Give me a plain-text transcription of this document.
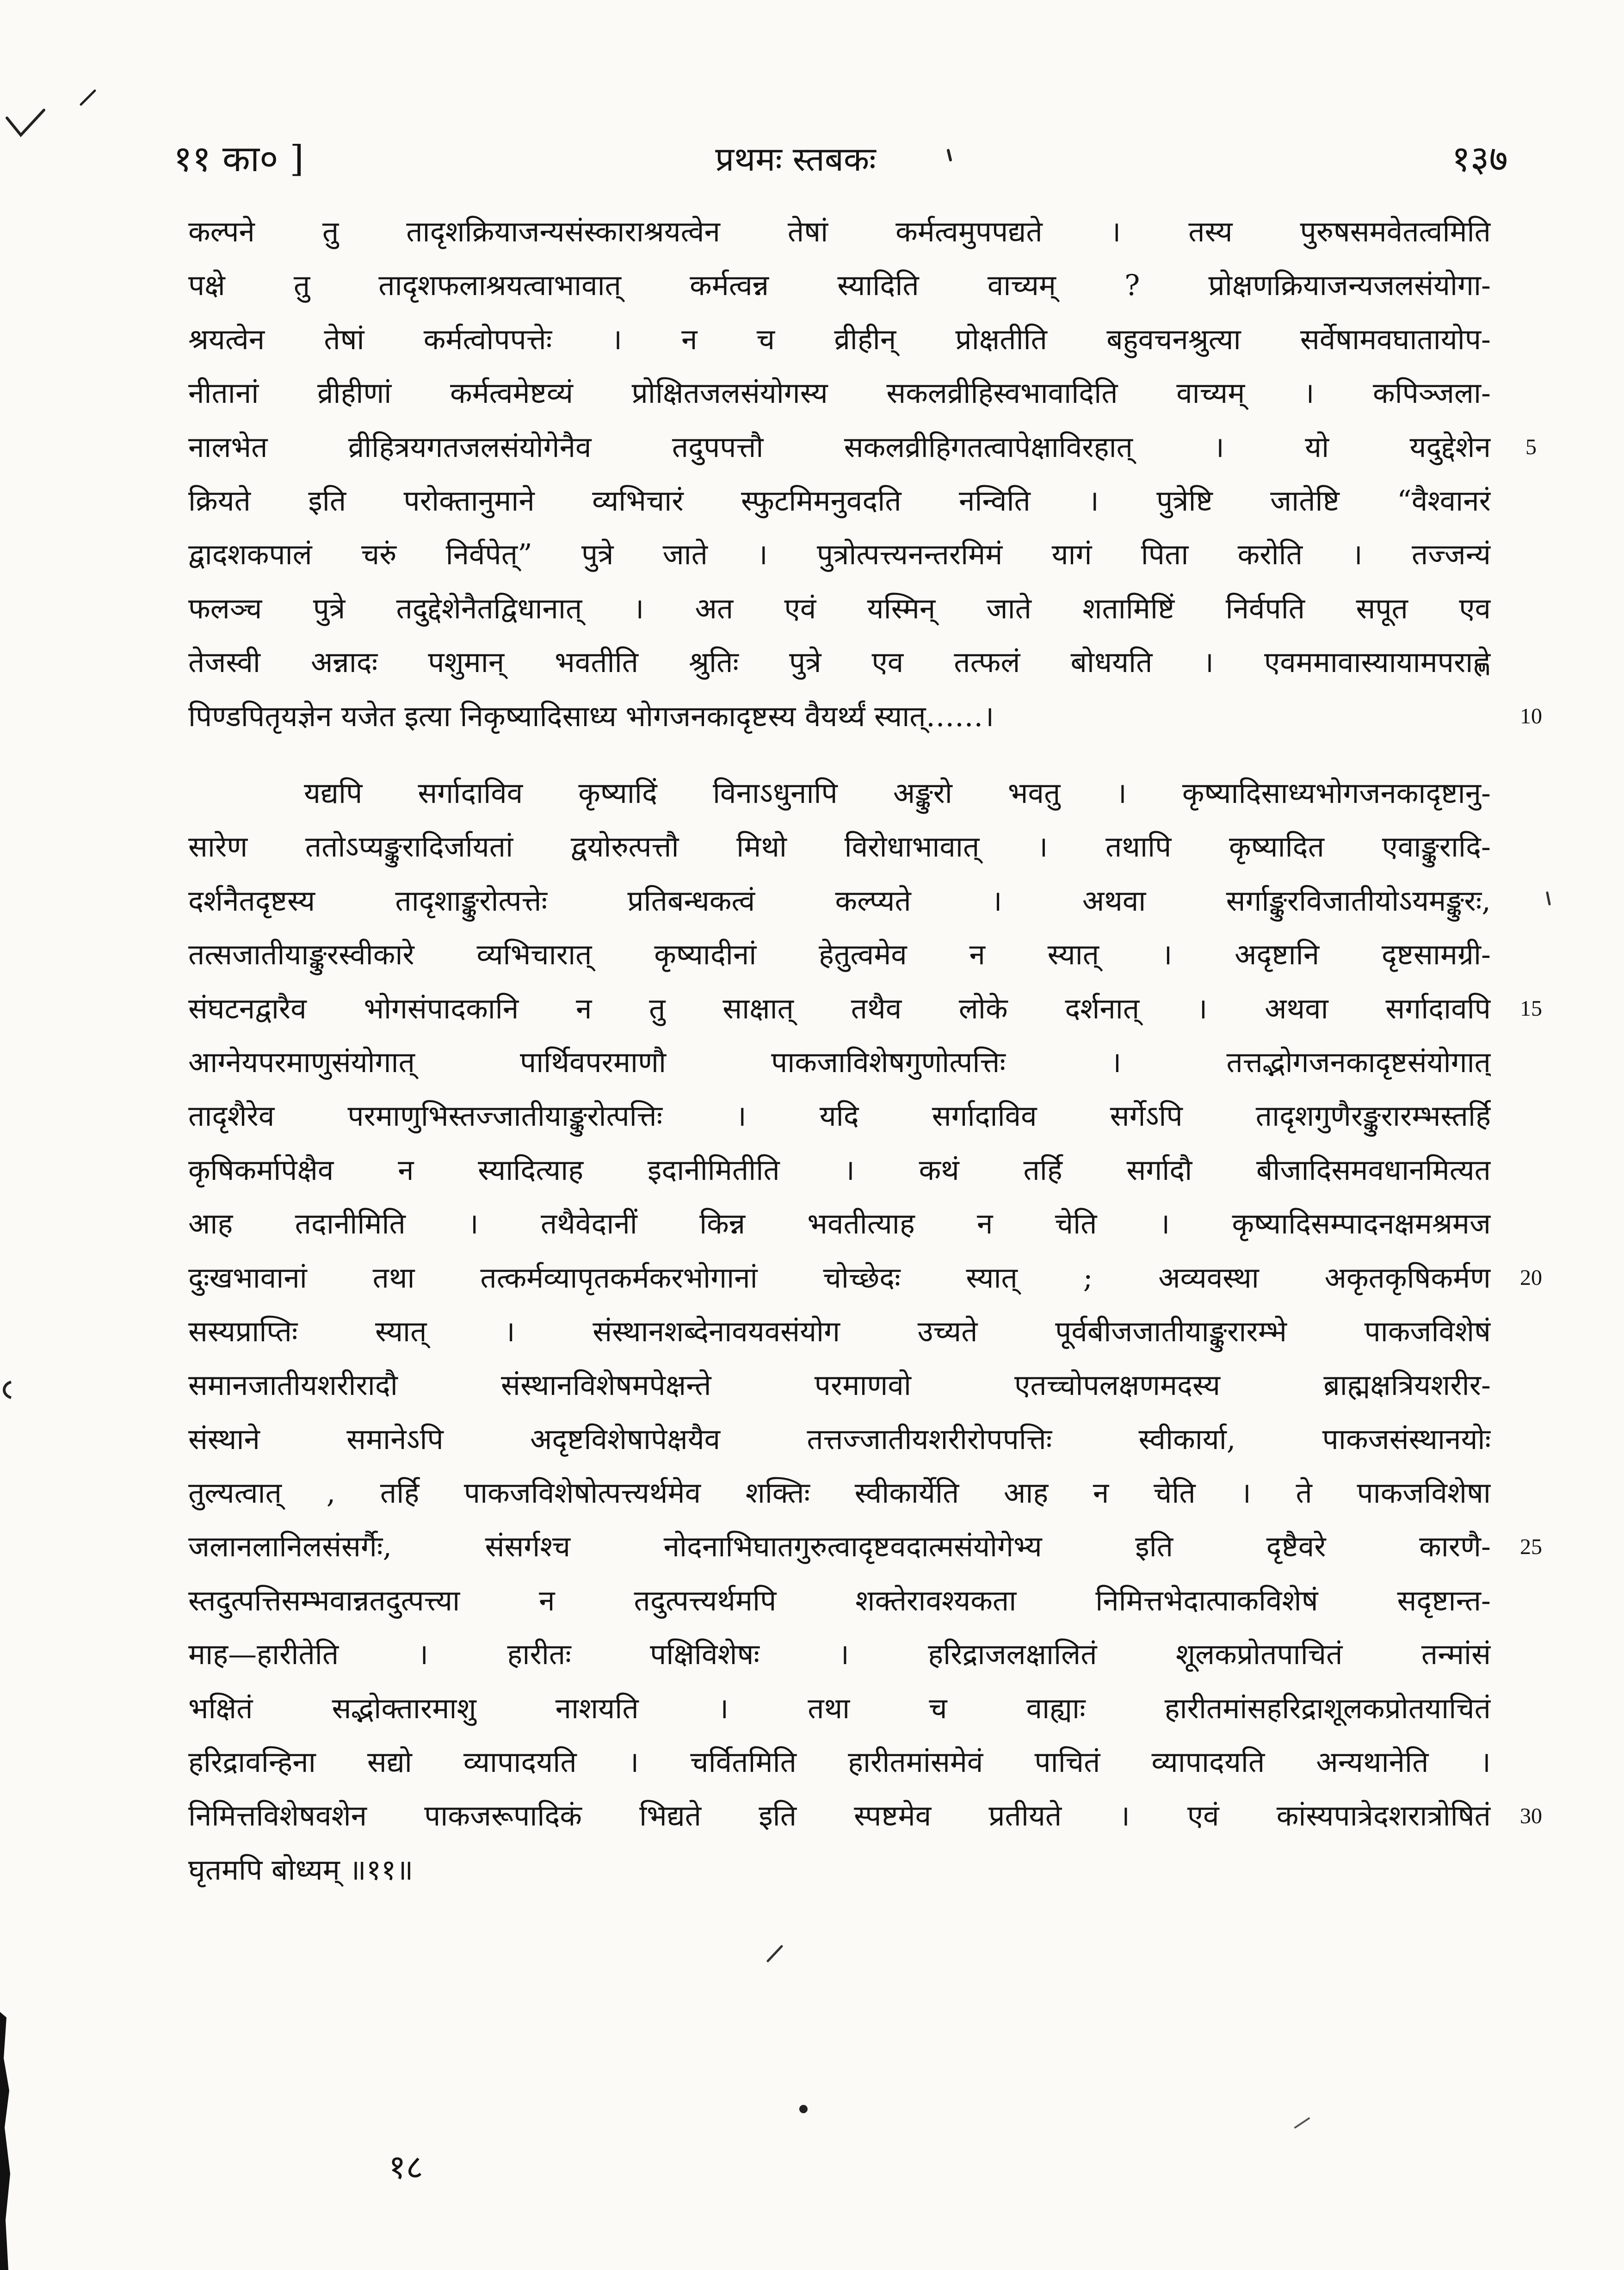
११ का० ]	प्रथमः स्तबकः	१३७
कल्पने तु तादृशक्रियाजन्यसंस्काराश्रयत्वेन तेषां कर्मत्वमुपपद्यते । तस्य पुरुषसमवेतत्वमिति
पक्षे तु तादृशफलाश्रयत्वाभावात् कर्मत्वन्न स्यादिति वाच्यम् ? प्रोक्षणक्रियाजन्यजलसंयोगा-
श्रयत्वेन तेषां कर्मत्वोपपत्तेः । न च व्रीहीन् प्रोक्षतीति बहुवचनश्रुत्या सर्वेषामवघातायोप-
नीतानां व्रीहीणां कर्मत्वमेष्टव्यं प्रोक्षितजलसंयोगस्य सकलव्रीहिस्वभावादिति वाच्यम् । कपिञ्जला-
नालभेत व्रीहित्रयगतजलसंयोगेनैव तदुपपत्तौ सकलव्रीहिगतत्वापेक्षाविरहात् । यो यदुद्देशेन
क्रियते इति परोक्तानुमाने व्यभिचारं स्फुटमिमनुवदति नन्विति । पुत्रेष्टि जातेष्टि “वैश्वानरं
द्वादशकपालं चरुं निर्वपेत्” पुत्रे जाते । पुत्रोत्पत्त्यनन्तरमिमं यागं पिता करोति । तज्जन्यं
फलञ्च पुत्रे तदुद्देशेनैतद्विधानात् । अत एवं यस्मिन् जाते शतामिष्टिं निर्वपति सपूत एव
तेजस्वी अन्नादः पशुमान् भवतीति श्रुतिः पुत्रे एव तत्फलं बोधयति । एवममावास्यायामपराह्णे
पिण्डपितृयज्ञेन यजेत इत्या निकृष्यादिसाध्य भोगजनकादृष्टस्य वैयर्थ्यं स्यात्……।
यद्यपि सर्गादाविव कृष्यादिं विनाऽधुनापि अङ्कुरो भवतु । कृष्यादिसाध्यभोगजनकादृष्टानु-
सारेण ततोऽप्यङ्कुरादिर्जायतां द्वयोरुत्पत्तौ मिथो विरोधाभावात् । तथापि कृष्यादित एवाङ्कुरादि-
दर्शनैतदृष्टस्य तादृशाङ्कुरोत्पत्तेः प्रतिबन्धकत्वं कल्प्यते । अथवा सर्गाङ्कुरविजातीयोऽयमङ्कुरः,
तत्सजातीयाङ्कुरस्वीकारे व्यभिचारात् कृष्यादीनां हेतुत्वमेव न स्यात् । अदृष्टानि दृष्टसामग्री-
संघटनद्वारैव भोगसंपादकानि न तु साक्षात् तथैव लोके दर्शनात् । अथवा सर्गादावपि
आग्नेयपरमाणुसंयोगात् पार्थिवपरमाणौ पाकजाविशेषगुणोत्पत्तिः । तत्तद्भोगजनकादृष्टसंयोगात्
तादृशैरेव परमाणुभिस्तज्जातीयाङ्कुरोत्पत्तिः । यदि सर्गादाविव सर्गेऽपि तादृशगुणैरङ्कुरारम्भस्तर्हि
कृषिकर्मापेक्षैव न स्यादित्याह इदानीमितीति । कथं तर्हि सर्गादौ बीजादिसमवधानमित्यत
आह तदानीमिति । तथैवेदानीं किन्न भवतीत्याह न चेति । कृष्यादिसम्पादनक्षमश्रमज
दुःखभावानां तथा तत्कर्मव्यापृतकर्मकरभोगानां चोच्छेदः स्यात् ; अव्यवस्था अकृतकृषिकर्मण
सस्यप्राप्तिः स्यात् । संस्थानशब्देनावयवसंयोग उच्यते पूर्वबीजजातीयाङ्कुरारम्भे पाकजविशेषं
समानजातीयशरीरादौ संस्थानविशेषमपेक्षन्ते परमाणवो एतच्चोपलक्षणमदस्य ब्राह्मक्षत्रियशरीर-
संस्थाने समानेऽपि अदृष्टविशेषापेक्षयैव तत्तज्जातीयशरीरोपपत्तिः स्वीकार्या, पाकजसंस्थानयोः
तुल्यत्वात् , तर्हि पाकजविशेषोत्पत्त्यर्थमेव शक्तिः स्वीकार्येति आह न चेति । ते पाकजविशेषा
जलानलानिलसंसर्गैः, संसर्गश्च नोदनाभिघातगुरुत्वादृष्टवदात्मसंयोगेभ्य इति दृष्टैवरे कारणै-
स्तदुत्पत्तिसम्भवान्नतदुत्पत्त्या न तदुत्पत्त्यर्थमपि शक्तेरावश्यकता निमित्तभेदात्पाकविशेषं सदृष्टान्त-
माह—हारीतेति । हारीतः पक्षिविशेषः । हरिद्राजलक्षालितं शूलकप्रोतपाचितं तन्मांसं
भक्षितं सद्भोक्तारमाशु नाशयति । तथा च वाह्याः हारीतमांसहरिद्राशूलकप्रोतयाचितं
हरिद्रावन्हिना सद्यो व्यापादयति । चर्वितमिति हारीतमांसमेवं पाचितं व्यापादयति अन्यथानेति ।
निमित्तविशेषवशेन पाकजरूपादिकं भिद्यते इति स्पष्टमेव प्रतीयते । एवं कांस्यपात्रेदशरात्रोषितं
घृतमपि बोध्यम् ॥११॥
5
10
15
20
25
30
१८
